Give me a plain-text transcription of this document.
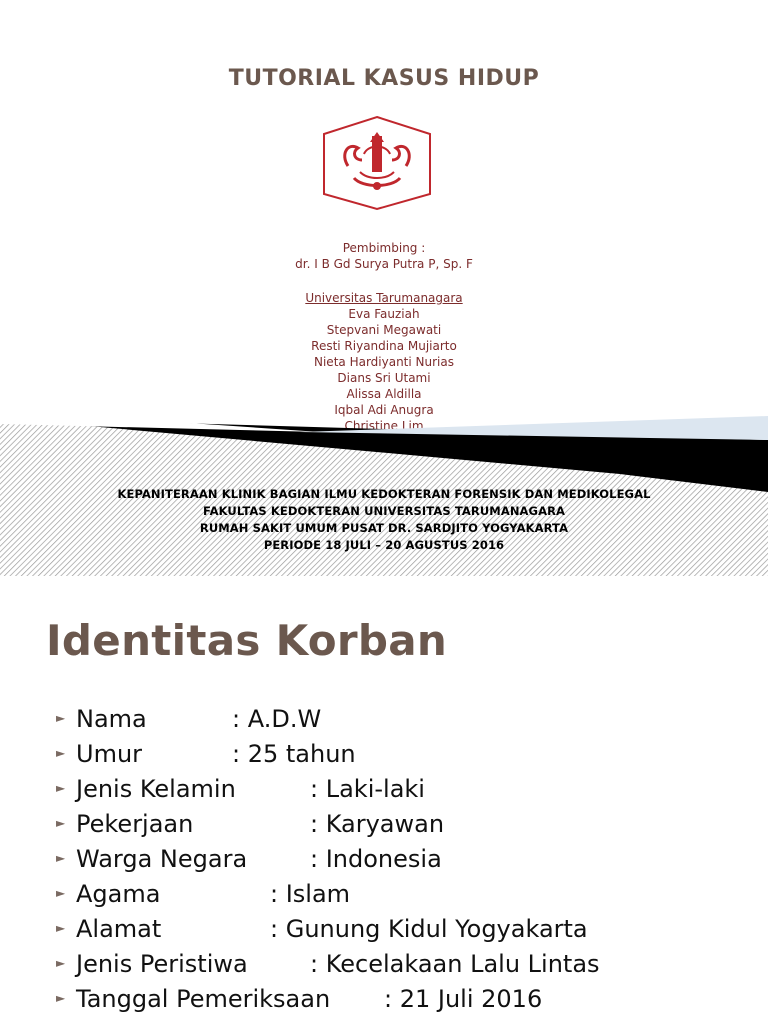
TUTORIAL KASUS HIDUP
Pembimbing :
dr. I B Gd Surya Putra P, Sp. F
Universitas Tarumanagara
Eva Fauziah
Stepvani Megawati
Resti Riyandina Mujiarto
Nieta Hardiyanti Nurias
Dians Sri Utami
Alissa Aldilla
Iqbal Adi Anugra
Christine Lim
KEPANITERAAN KLINIK BAGIAN ILMU KEDOKTERAN FORENSIK DAN MEDIKOLEGAL
FAKULTAS KEDOKTERAN UNIVERSITAS TARUMANAGARA
RUMAH SAKIT UMUM PUSAT DR. SARDJITO YOGYAKARTA
PERIODE 18 JULI – 20 AGUSTUS 2016
Identitas Korban
► Nama	: A.D.W
► Umur	: 25 tahun
► Jenis Kelamin	: Laki-laki
► Pekerjaan	: Karyawan
► Warga Negara	: Indonesia
► Agama	: Islam
► Alamat	: Gunung Kidul Yogyakarta
► Jenis Peristiwa	: Kecelakaan Lalu Lintas
► Tanggal Pemeriksaan : 21 Juli 2016
